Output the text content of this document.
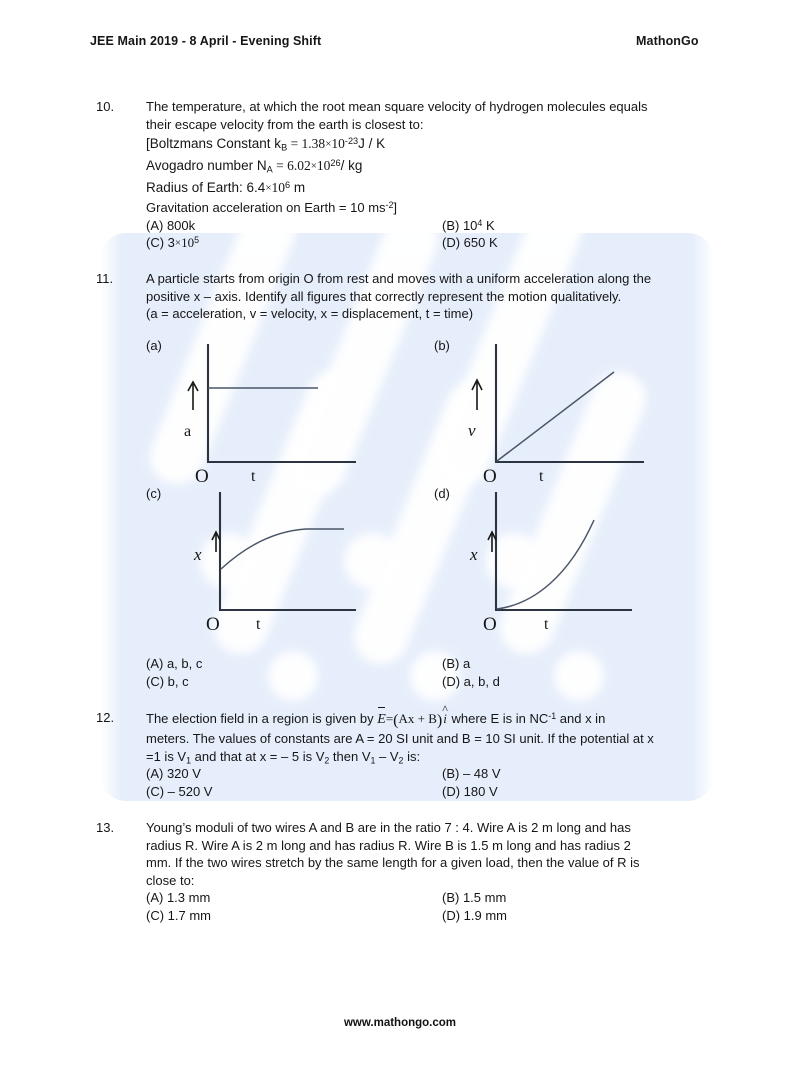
JEE Main 2019 - 8 April - Evening Shift	MathonGo
10.	The temperature, at which the root mean square velocity of hydrogen molecules equals
their escape velocity from the earth is closest to:
[Boltzmans Constant $k_B = 1.38\times 10^{-23}J / K$
Avogadro number $N_A = 6.02\times 10^{26}/$ kg
Radius of Earth: $6.4\times 10^6$ m
Gravitation acceleration on Earth = 10 $ms^{-2}$]
(A) 800k	(B) $10^4$ K
(C) $3\times 10^5$	(D) 650 K
11.	A particle starts from origin O from rest and moves with a uniform acceleration along the
positive x – axis. Identify all figures that correctly represent the motion qualitatively.
(a = acceleration, v = velocity, x = displacement, t = time)
(a)
a
t
O
(b)
v
t
O
(c)
x
t
O
(d)
x
t
O
(A) a, b, c	(B) a
(C) b, c	(D) a, b, d
12.	The election field in a region is given by E=(Ax + B)^ i where E is in $NC^{-1}$ and x in
meters. The values of constants are A = 20 SI unit and B = 10 SI unit. If the potential at x
=1 is $V_1$ and that at x = – 5 is $V_2$ then $V_1 - V_2$ is:
(A) 320 V	(B) – 48 V
(C) – 520 V	(D) 180 V
13.	Young’s moduli of two wires A and B are in the ratio 7 : 4. Wire A is 2 m long and has
radius R. Wire A is 2 m long and has radius R. Wire B is 1.5 m long and has radius 2
mm. If the two wires stretch by the same length for a given load, then the value of R is
close to:
(A) 1.3 mm	(B) 1.5 mm
(C) 1.7 mm	(D) 1.9 mm
www.mathongo.com
